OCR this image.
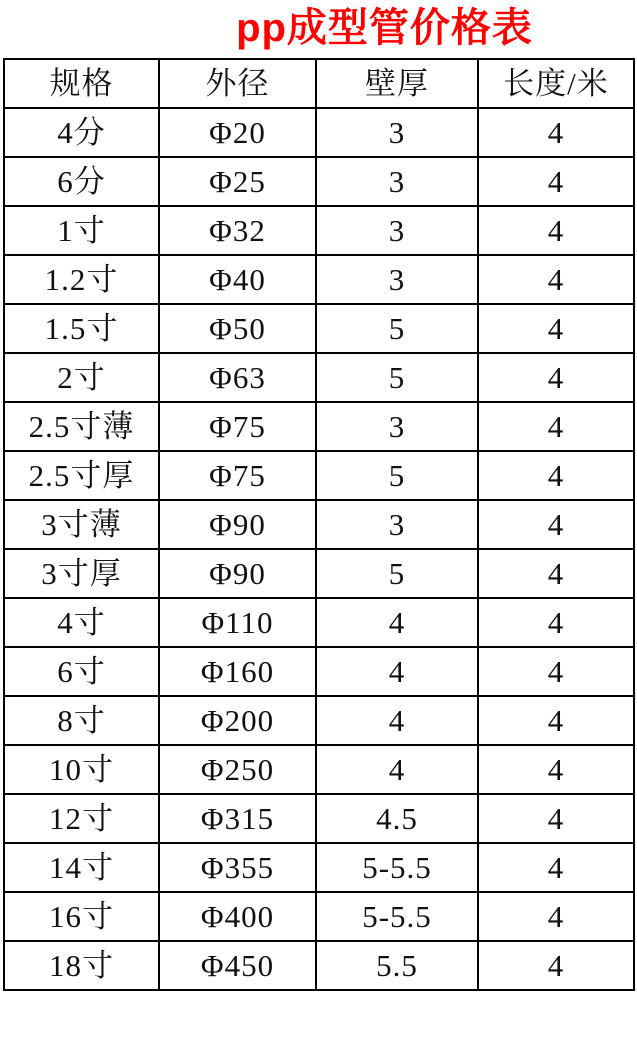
pp成型管价格表
规格	外径	壁厚	长度/米
4分	Φ20	3	4
6分	Φ25	3	4
1寸	Φ32	3	4
1.2寸	Φ40	3	4
1.5寸	Φ50	5	4
2寸	Φ63	5	4
2.5寸薄	Φ75	3	4
2.5寸厚	Φ75	5	4
3寸薄	Φ90	3	4
3寸厚	Φ90	5	4
4寸	Φ110	4	4
6寸	Φ160	4	4
8寸	Φ200	4	4
10寸	Φ250	4	4
12寸	Φ315	4.5	4
14寸	Φ355	5-5.5	4
16寸	Φ400	5-5.5	4
18寸	Φ450	5.5	4
